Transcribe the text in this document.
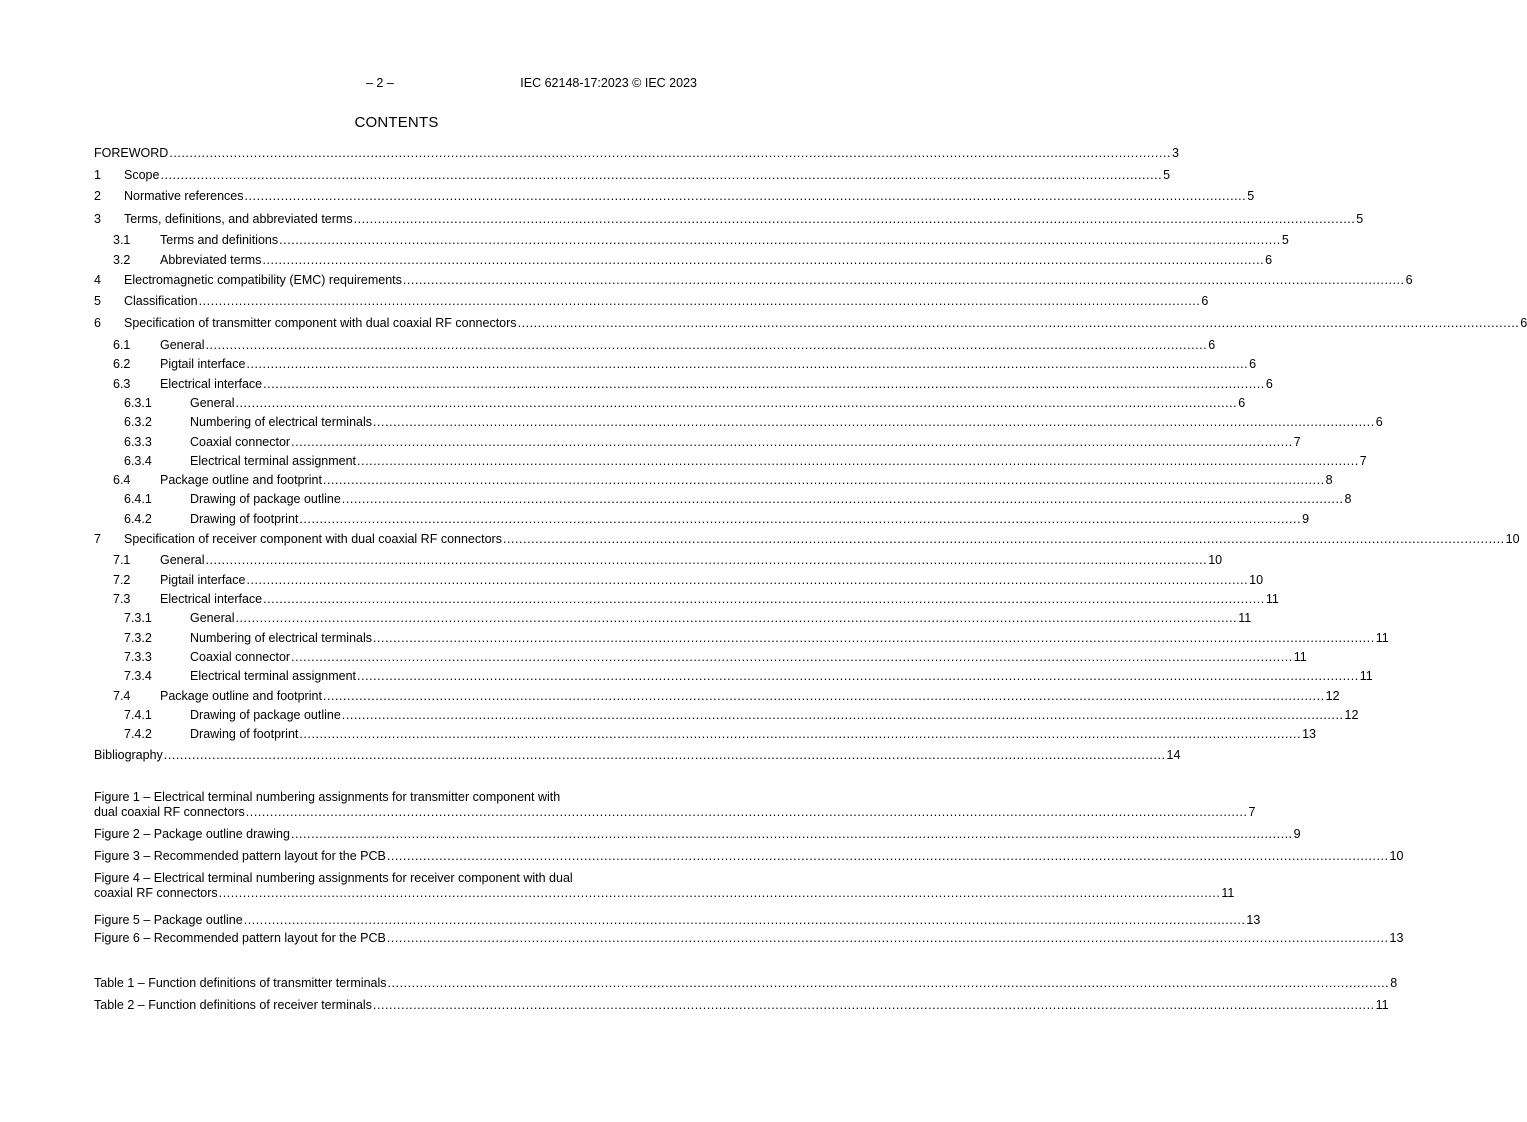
– 2 –	IEC 62148-17:2023 © IEC 2023
CONTENTS
FOREWORD .....	3
1	Scope .....	5
2	Normative references .....	5
3	Terms, definitions, and abbreviated terms .....	5
3.1	Terms and definitions .....	5
3.2	Abbreviated terms .....	6
4	Electromagnetic compatibility (EMC) requirements .....	6
5	Classification .....	6
6	Specification of transmitter component with dual coaxial RF connectors .....	6
6.1	General .....	6
6.2	Pigtail interface .....	6
6.3	Electrical interface .....	6
6.3.1	General .....	6
6.3.2	Numbering of electrical terminals .....	6
6.3.3	Coaxial connector .....	7
6.3.4	Electrical terminal assignment .....	7
6.4	Package outline and footprint .....	8
6.4.1	Drawing of package outline .....	8
6.4.2	Drawing of footprint .....	9
7	Specification of receiver component with dual coaxial RF connectors .....	10
7.1	General .....	10
7.2	Pigtail interface .....	10
7.3	Electrical interface .....	11
7.3.1	General .....	11
7.3.2	Numbering of electrical terminals .....	11
7.3.3	Coaxial connector .....	11
7.3.4	Electrical terminal assignment .....	11
7.4	Package outline and footprint .....	12
7.4.1	Drawing of package outline .....	12
7.4.2	Drawing of footprint .....	13
Bibliography .....	14
Figure 1 – Electrical terminal numbering assignments for transmitter component with
dual coaxial RF connectors .....	7
Figure 2 – Package outline drawing .....	9
Figure 3 – Recommended pattern layout for the PCB .....	10
Figure 4 – Electrical terminal numbering assignments for receiver component with dual
coaxial RF connectors .....	11
Figure 5 – Package outline .....	13
Figure 6 – Recommended pattern layout for the PCB .....	13
Table 1 – Function definitions of transmitter terminals .....	8
Table 2 – Function definitions of receiver terminals .....	11
